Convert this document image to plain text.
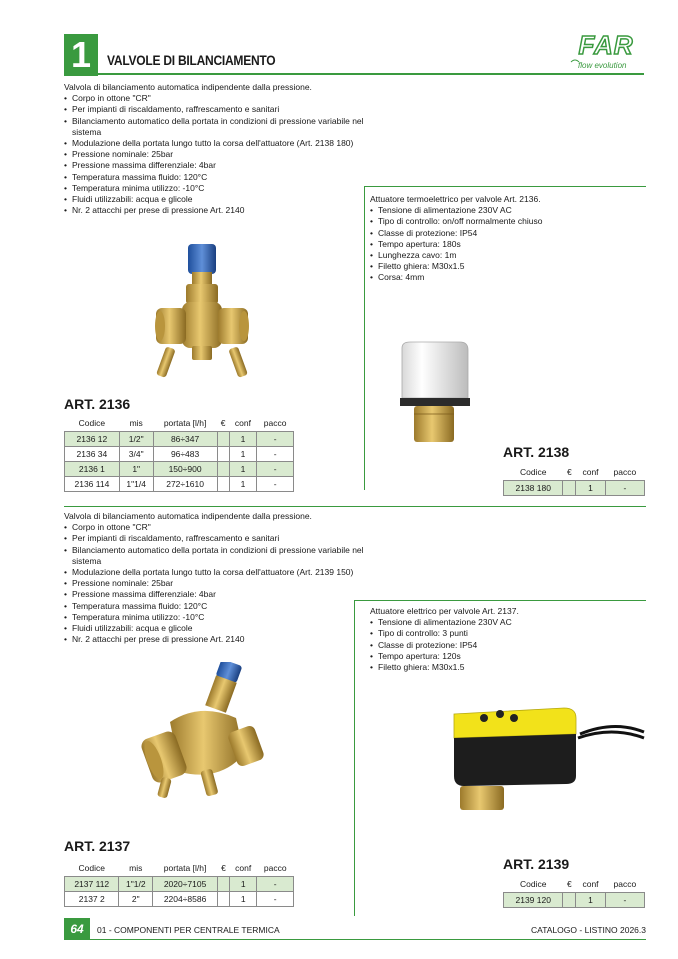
1	VALVOLE DI BILANCIAMENTO	FAR
flow evolution
Valvola di bilanciamento automatica indipendente dalla pressione.
• Corpo in ottone "CR"
• Per impianti di riscaldamento, raffrescamento e sanitari
• Bilanciamento automatico della portata in condizioni di pressione variabile nel sistema
• Modulazione della portata lungo tutto la corsa dell'attuatore (Art. 2138 180)
• Pressione nominale: 25bar
• Pressione massima differenziale: 4bar
• Temperatura massima fluido: 120°C
• Temperatura minima utilizzo: -10°C
• Fluidi utilizzabili: acqua e glicole
• Nr. 2 attacchi per prese di pressione Art. 2140
Attuatore termoelettrico per valvole Art. 2136.
• Tensione di alimentazione 230V AC
• Tipo di controllo: on/off normalmente chiuso
• Classe di protezione: IP54
• Tempo apertura: 180s
• Lunghezza cavo: 1m
• Filetto ghiera: M30x1.5
• Corsa: 4mm
ART. 2136
Codice	mis	portata [l/h]	€	conf	pacco
2136 12	1/2"	86÷347		1	-
2136 34	3/4"	96÷483		1	-
2136 1	1"	150÷900		1	-
2136 114	1"1/4	272÷1610		1	-
ART. 2138
Codice	€	conf	pacco
2138 180		1	-
Valvola di bilanciamento automatica indipendente dalla pressione.
• Corpo in ottone "CR"
• Per impianti di riscaldamento, raffrescamento e sanitari
• Bilanciamento automatico della portata in condizioni di pressione variabile nel sistema
• Modulazione della portata lungo tutto la corsa dell'attuatore (Art. 2139 150)
• Pressione nominale: 25bar
• Pressione massima differenziale: 4bar
• Temperatura massima fluido: 120°C
• Temperatura minima utilizzo: -10°C
• Fluidi utilizzabili: acqua e glicole
• Nr. 2 attacchi per prese di pressione Art. 2140
Attuatore elettrico per valvole Art. 2137.
• Tensione di alimentazione 230V AC
• Tipo di controllo: 3 punti
• Classe di protezione: IP54
• Tempo apertura: 120s
• Filetto ghiera: M30x1.5
ART. 2137
Codice	mis	portata [l/h]	€	conf	pacco
2137 112	1"1/2	2020÷7105		1	-
2137 2	2"	2204÷8586		1	-
ART. 2139
Codice	€	conf	pacco
2139 120		1	-
64	01 - COMPONENTI PER CENTRALE TERMICA	CATALOGO - LISTINO 2026.3
